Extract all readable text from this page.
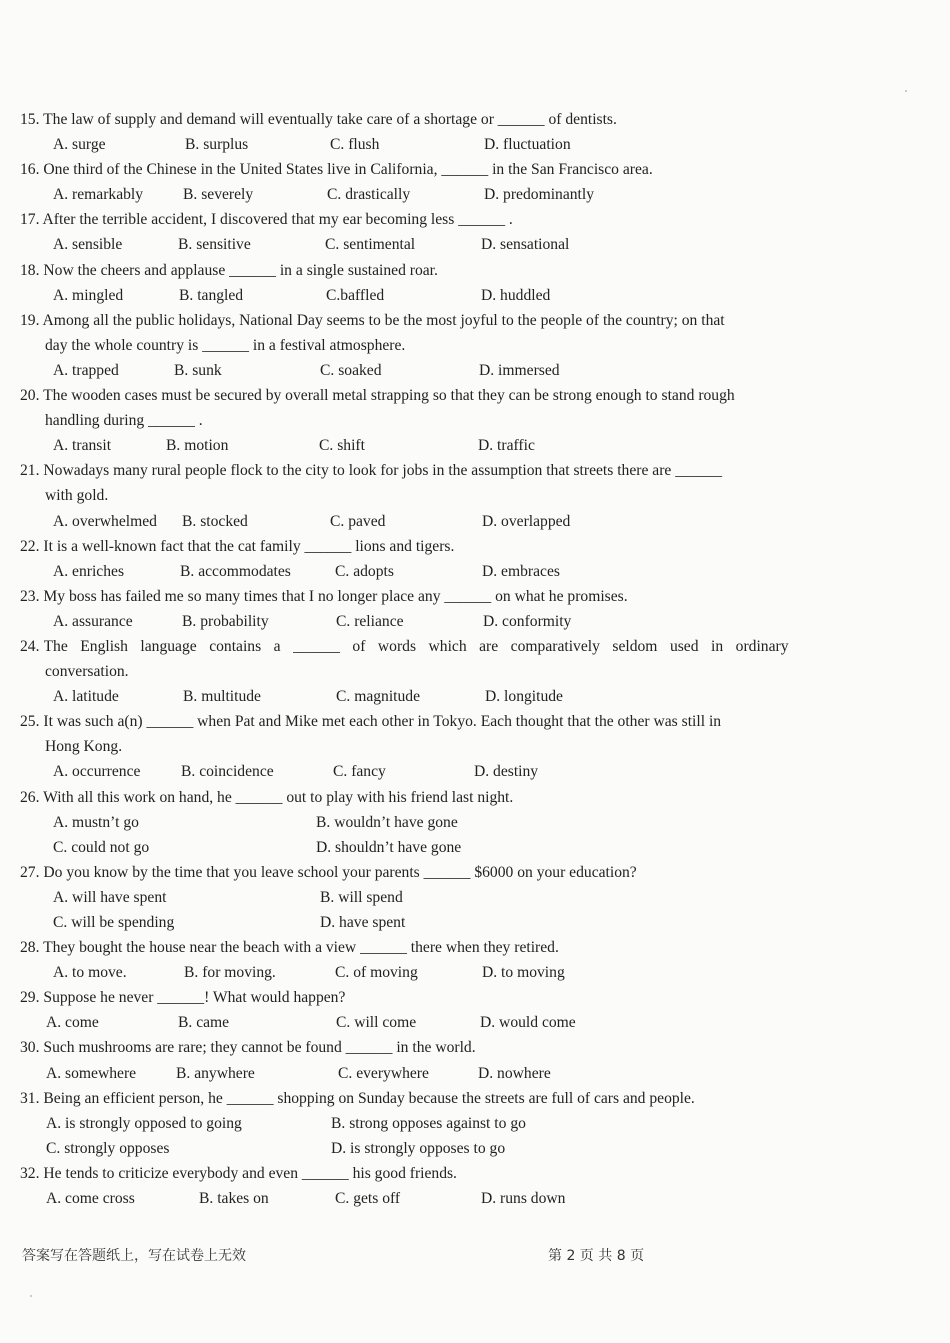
15. The law of supply and demand will eventually take care of a shortage or ______ of dentists.
A. surge	B. surplus	C. flush	D. fluctuation
16. One third of the Chinese in the United States live in California, ______ in the San Francisco area.
A. remarkably	B. severely	C. drastically	D. predominantly
17. After the terrible accident, I discovered that my ear becoming less ______ .
A. sensible	B. sensitive	C. sentimental	D. sensational
18. Now the cheers and applause ______ in a single sustained roar.
A. mingled	B. tangled	C.baffled	D. huddled
19. Among all the public holidays, National Day seems to be the most joyful to the people of the country; on that
day the whole country is ______ in a festival atmosphere.
A. trapped	B. sunk	C. soaked	D. immersed
20. The wooden cases must be secured by overall metal strapping so that they can be strong enough to stand rough
handling during ______ .
A. transit	B. motion	C. shift	D. traffic
21. Nowadays many rural people flock to the city to look for jobs in the assumption that streets there are ______
with gold.
A. overwhelmed B. stocked	C. paved	D. overlapped
22. It is a well-known fact that the cat family ______ lions and tigers.
A. enriches	B. accommodates	C. adopts	D. embraces
23. My boss has failed me so many times that I no longer place any ______ on what he promises.
A. assurance	B. probability	C. reliance	D. conformity
24. The English language contains a ______ of words which are comparatively seldom used in ordinary
conversation.
A. latitude	B. multitude	C. magnitude	D. longitude
25. It was such a(n) ______ when Pat and Mike met each other in Tokyo. Each thought that the other was still in
Hong Kong.
A. occurrence	B. coincidence	C. fancy	D. destiny
26. With all this work on hand, he ______ out to play with his friend last night.
A. mustn’t go	B. wouldn’t have gone
C. could not go	D. shouldn’t have gone
27. Do you know by the time that you leave school your parents ______ $6000 on your education?
A. will have spent	B. will spend
C. will be spending	D. have spent
28. They bought the house near the beach with a view ______ there when they retired.
A. to move.	B. for moving.	C. of moving	D. to moving
29. Suppose he never ______! What would happen?
A. come	B. came	C. will come	D. would come
30. Such mushrooms are rare; they cannot be found ______ in the world.
A. somewhere	B. anywhere	C. everywhere	D. nowhere
31. Being an efficient person, he ______ shopping on Sunday because the streets are full of cars and people.
A. is strongly opposed to going	B. strong opposes against to go
C. strongly opposes	D. is strongly opposes to go
32. He tends to criticize everybody and even ______ his good friends.
A. come cross	B. takes on	C. gets off	D. runs down
答案写在答题纸上，写在试卷上无效	第 2 页 共 8 页
